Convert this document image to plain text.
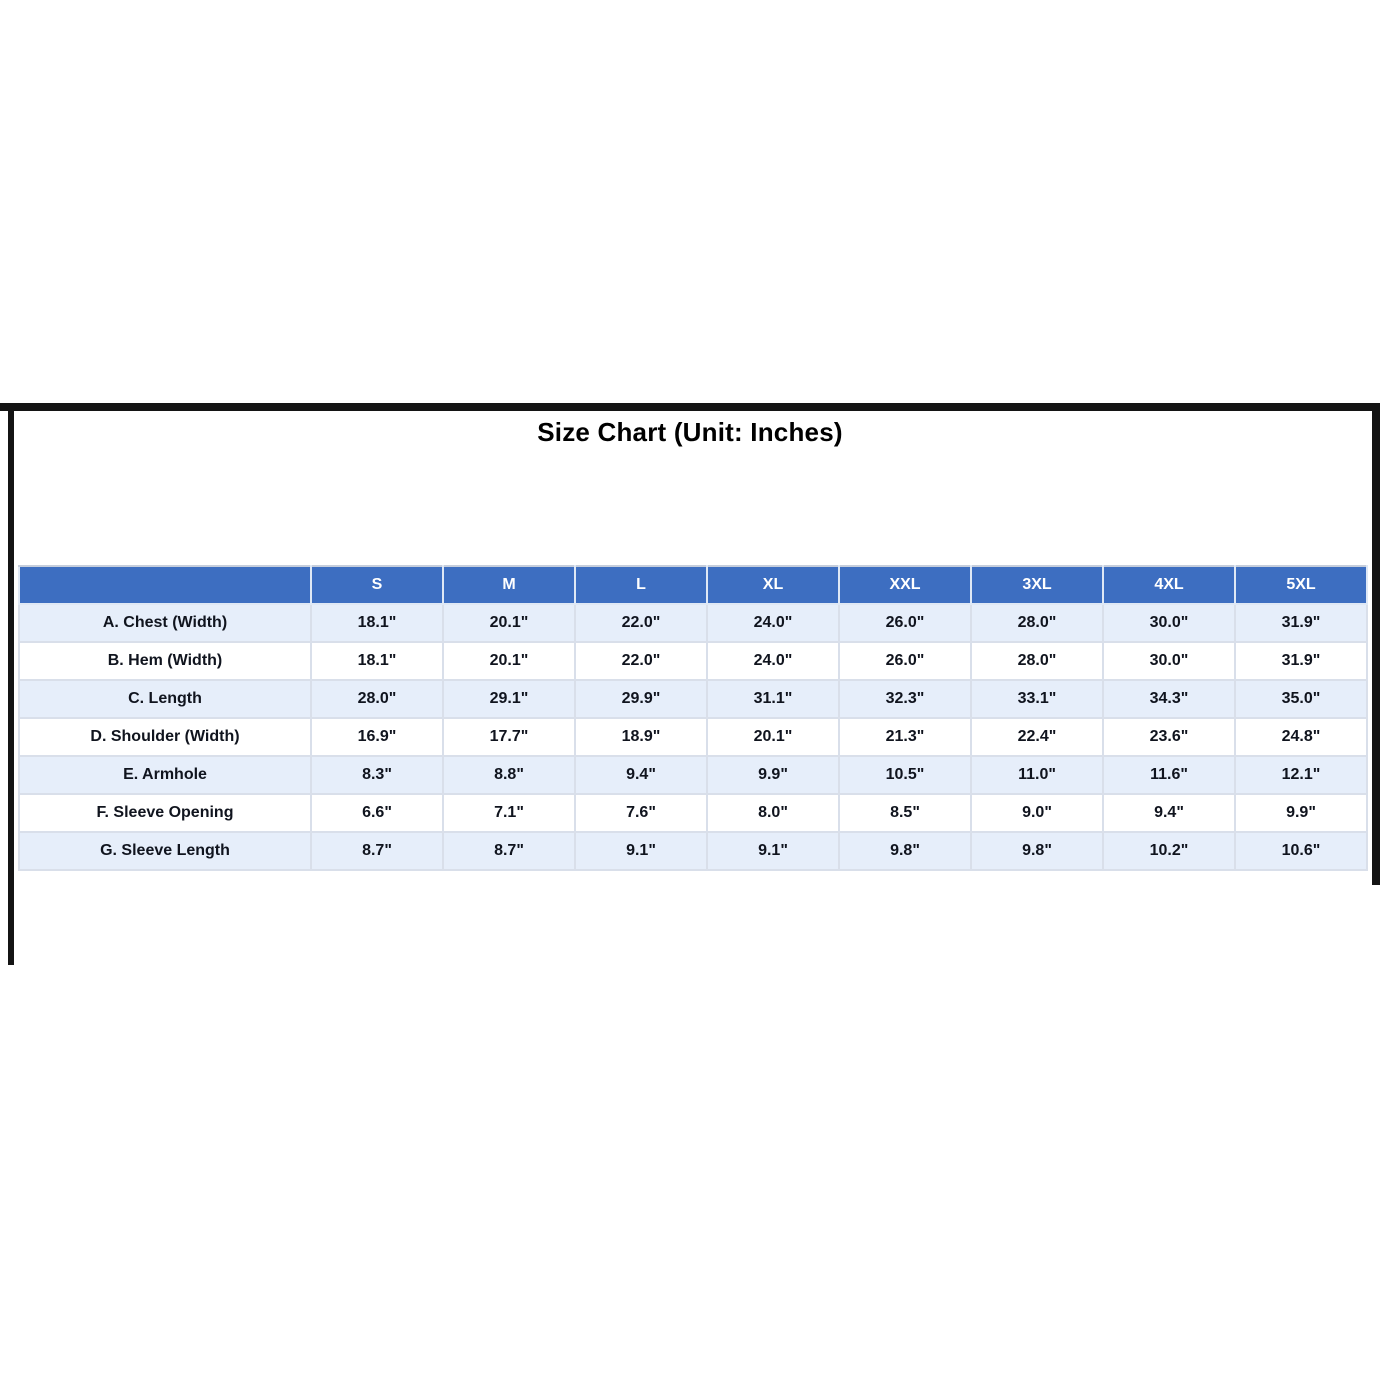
Size Chart (Unit: Inches)
	S	M	L	XL	XXL	3XL	4XL	5XL
A. Chest (Width)	18.1"	20.1"	22.0"	24.0"	26.0"	28.0"	30.0"	31.9"
B. Hem (Width)	18.1"	20.1"	22.0"	24.0"	26.0"	28.0"	30.0"	31.9"
C. Length	28.0"	29.1"	29.9"	31.1"	32.3"	33.1"	34.3"	35.0"
D. Shoulder (Width)	16.9"	17.7"	18.9"	20.1"	21.3"	22.4"	23.6"	24.8"
E. Armhole	8.3"	8.8"	9.4"	9.9"	10.5"	11.0"	11.6"	12.1"
F. Sleeve Opening	6.6"	7.1"	7.6"	8.0"	8.5"	9.0"	9.4"	9.9"
G. Sleeve Length	8.7"	8.7"	9.1"	9.1"	9.8"	9.8"	10.2"	10.6"
